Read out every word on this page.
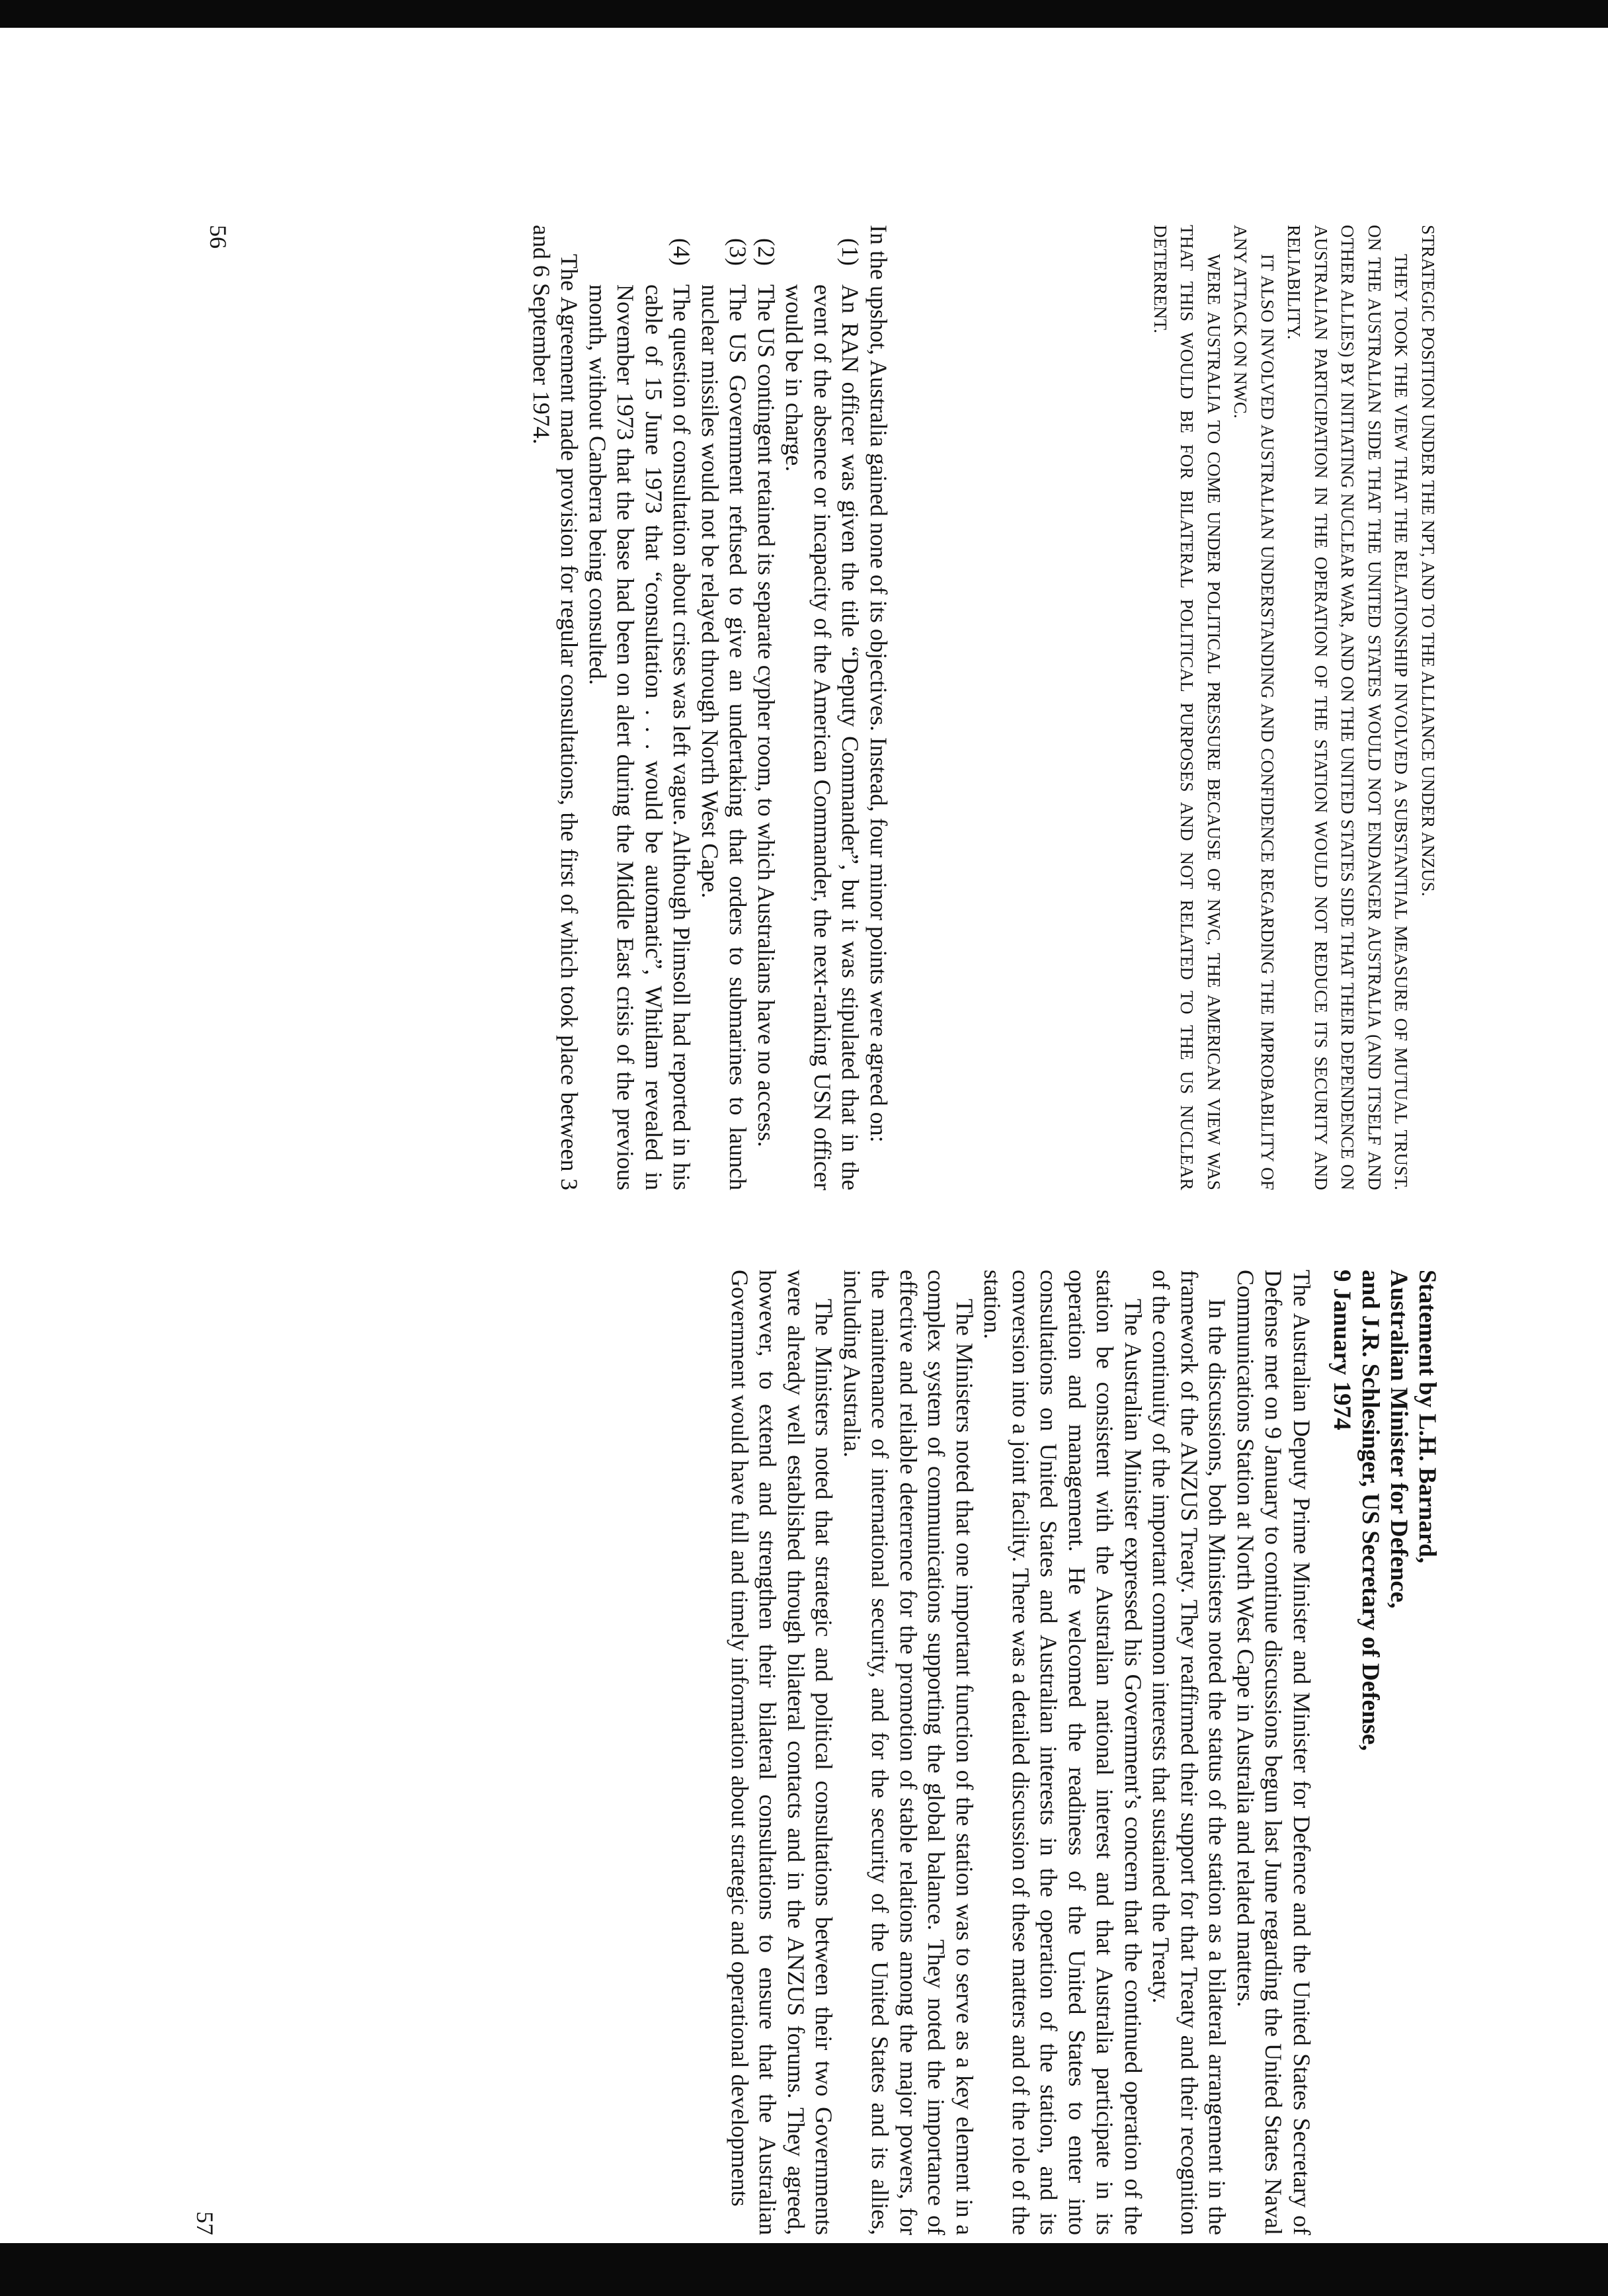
STRATEGIC POSITION UNDER THE NPT, AND TO THE ALLIANCE UNDER ANZUS.

THEY TOOK THE VIEW THAT THE RELATIONSHIP INVOLVED A SUBSTANTIAL MEASURE OF MUTUAL TRUST. ON THE AUSTRALIAN SIDE THAT THE UNITED STATES WOULD NOT ENDANGER AUSTRALIA (AND ITSELF AND OTHER ALLIES) BY INITIATING NUCLEAR WAR, AND ON THE UNITED STATES SIDE THAT THEIR DEPENDENCE ON AUSTRALIAN PARTICIPATION IN THE OPERATION OF THE STATION WOULD NOT REDUCE ITS SECURITY AND RELIABILITY.

IT ALSO INVOLVED AUSTRALIAN UNDERSTANDING AND CONFIDENCE REGARDING THE IMPROBABILITY OF ANY ATTACK ON NWC.

WERE AUSTRALIA TO COME UNDER POLITICAL PRESSURE BECAUSE OF NWC, THE AMERICAN VIEW WAS THAT THIS WOULD BE FOR BILATERAL POLITICAL PURPOSES AND NOT RELATED TO THE US NUCLEAR DETERRENT.

In the upshot, Australia gained none of its objectives. Instead, four minor points were agreed on:

(1)
An RAN officer was given the title “Deputy Commander”, but it was stipulated that in the event of the absence or incapacity of the American Commander, the next-ranking USN officer would be in charge.
(2)
The US contingent retained its separate cypher room, to which Australians have no access.
(3)
The US Government refused to give an undertaking that orders to submarines to launch nuclear missiles would not be relayed through North West Cape.
(4)
The question of consultation about crises was left vague. Although Plimsoll had reported in his cable of 15 June 1973 that “consultation . . . would be automatic”, Whitlam revealed in November 1973 that the base had been on alert during the Middle East crisis of the previous month, without Canberra being consulted.

The Agreement made provision for regular consultations, the first of which took place between 3 and 6 September 1974.

56
Statement by L.H. Barnard,
Australian Minister for Defence,
and J.R. Schlesinger, US Secretary of Defense,
9 January 1974

The Australian Deputy Prime Minister and Minister for Defence and the United States Secretary of Defense met on 9 January to continue discussions begun last June regarding the United States Naval Communications Station at North West Cape in Australia and related matters.

In the discussions, both Ministers noted the status of the station as a bilateral arrangement in the framework of the ANZUS Treaty. They reaffirmed their support for that Treaty and their recognition of the continuity of the important common interests that sustained the Treaty.

The Australian Minister expressed his Government’s concern that the continued operation of the station be consistent with the Australian national interest and that Australia participate in its operation and management. He welcomed the readiness of the United States to enter into consultations on United States and Australian interests in the operation of the station, and its conversion into a joint facility. There was a detailed discussion of these matters and of the role of the station.

The Ministers noted that one important function of the station was to serve as a key element in a complex system of communications supporting the global balance. They noted the importance of effective and reliable deterrence for the promotion of stable relations among the major powers, for the maintenance of international security, and for the security of the United States and its allies, including Australia.

The Ministers noted that strategic and political consultations between their two Governments were already well established through bilateral contacts and in the ANZUS forums. They agreed, however, to extend and strengthen their bilateral consultations to ensure that the Australian Government would have full and timely information about strategic and operational developments

57
